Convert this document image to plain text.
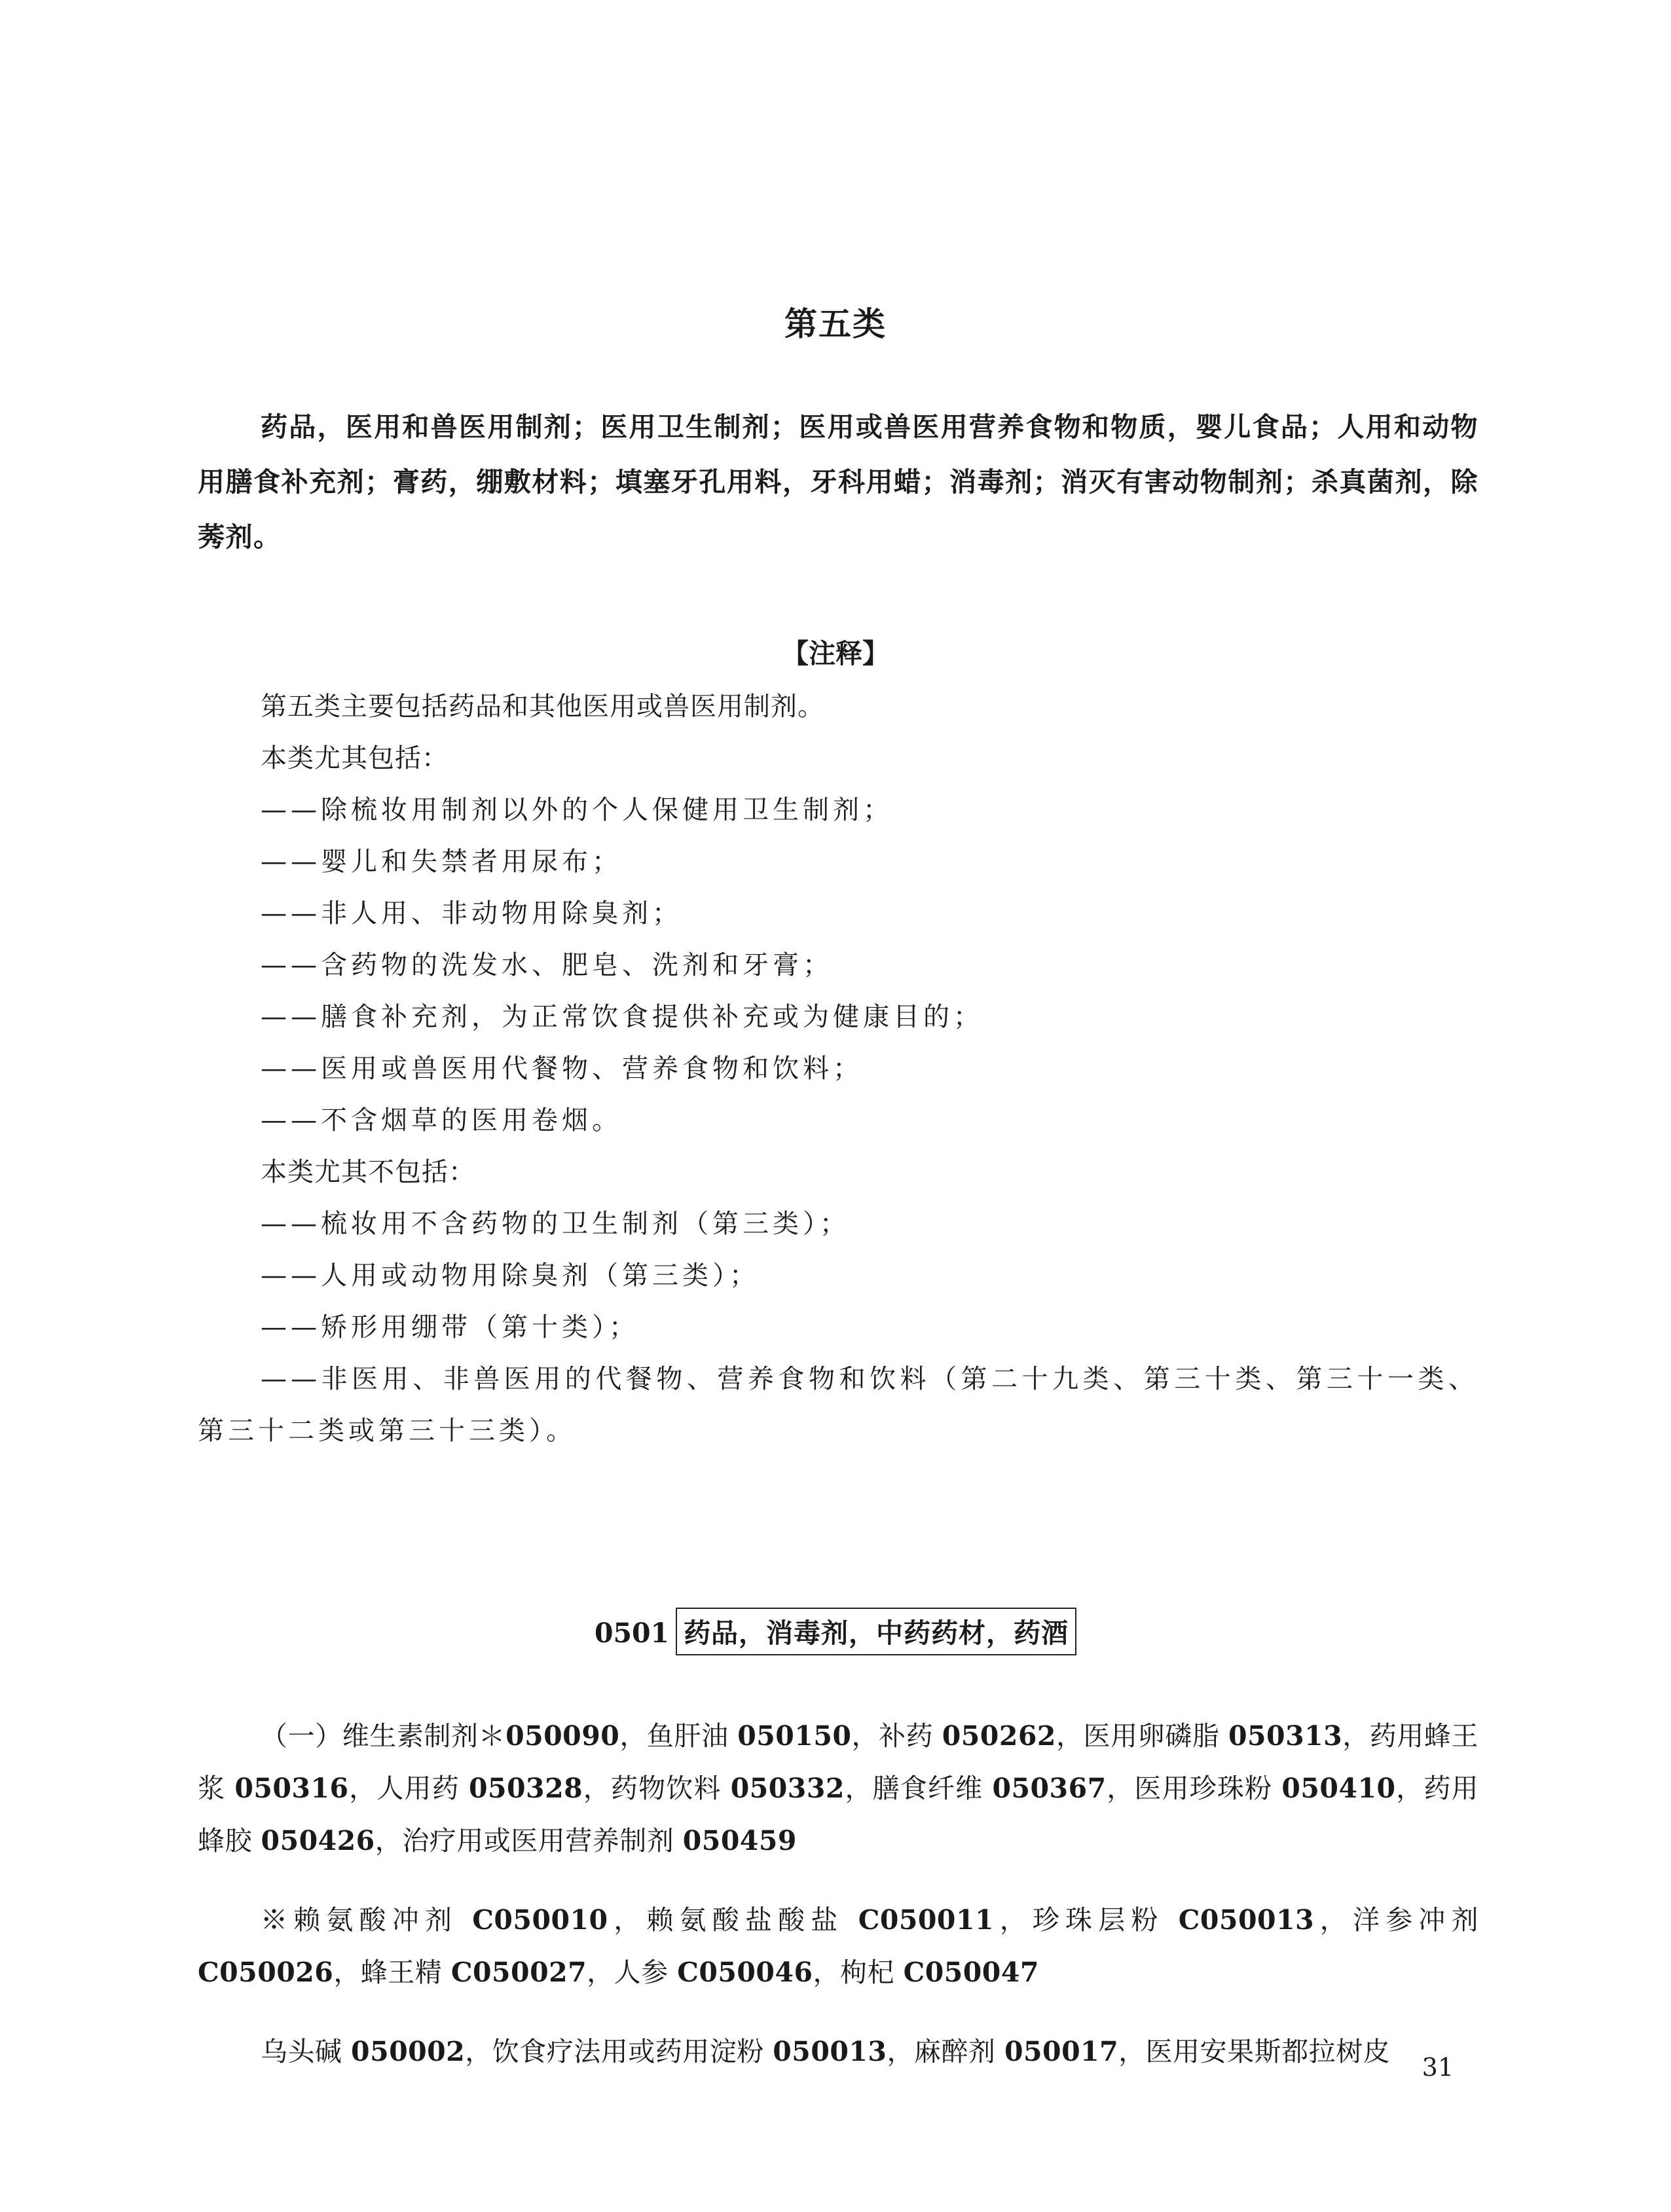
第五类
药品，医用和兽医用制剂；医用卫生制剂；医用或兽医用营养食物和物质，婴儿食品；人用和动物用膳食补充剂；膏药，绷敷材料；填塞牙孔用料，牙科用蜡；消毒剂；消灭有害动物制剂；杀真菌剂，除莠剂。
【注释】
第五类主要包括药品和其他医用或兽医用制剂。
本类尤其包括：
——除梳妆用制剂以外的个人保健用卫生制剂；
——婴儿和失禁者用尿布；
——非人用、非动物用除臭剂；
——含药物的洗发水、肥皂、洗剂和牙膏；
——膳食补充剂，为正常饮食提供补充或为健康目的；
——医用或兽医用代餐物、营养食物和饮料；
——不含烟草的医用卷烟。
本类尤其不包括：
——梳妆用不含药物的卫生制剂（第三类）；
——人用或动物用除臭剂（第三类）；
——矫形用绷带（第十类）；
——非医用、非兽医用的代餐物、营养食物和饮料（第二十九类、第三十类、第三十一类、第三十二类或第三十三类）。
0501 药品，消毒剂，中药药材，药酒

（一）维生素制剂＊050090，鱼肝油 050150，补药 050262，医用卵磷脂 050313，药用蜂王浆 050316，人用药 050328，药物饮料 050332，膳食纤维 050367，医用珍珠粉 050410，药用蜂胶 050426，治疗用或医用营养制剂 050459

※赖氨酸冲剂 C050010，赖氨酸盐酸盐 C050011，珍珠层粉 C050013，洋参冲剂 C050026，蜂王精 C050027，人参 C050046，枸杞 C050047

乌头碱 050002，饮食疗法用或药用淀粉 050013，麻醉剂 050017，医用安果斯都拉树皮	31
